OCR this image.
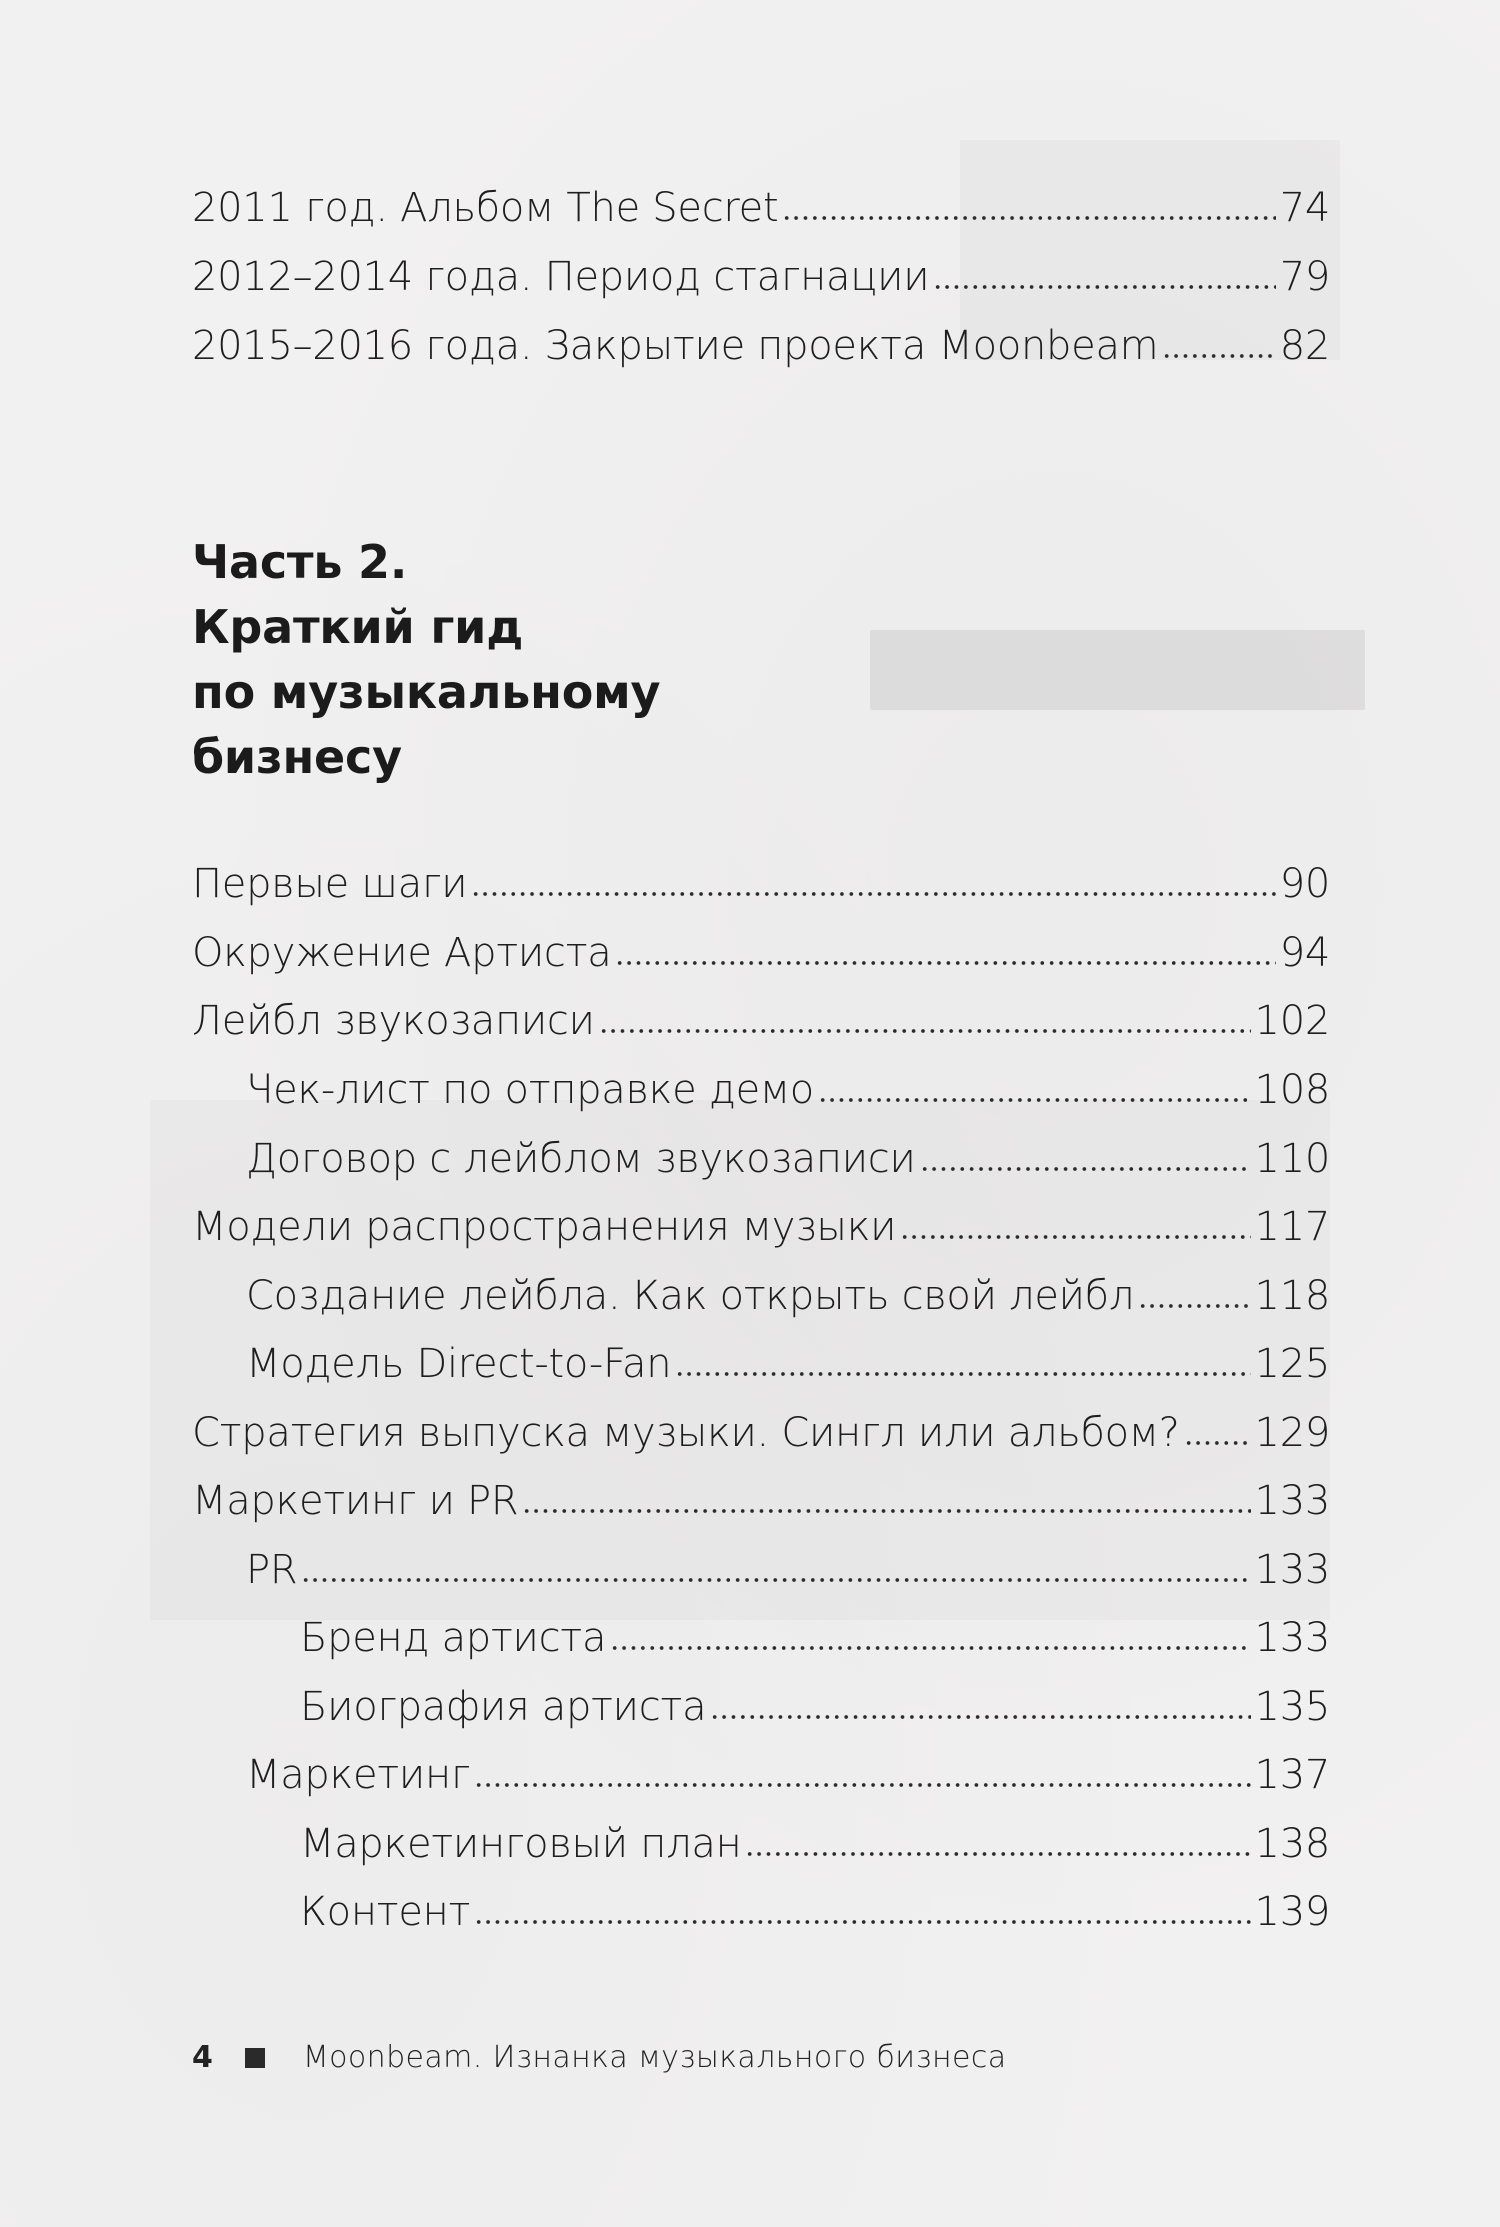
2011 год. Альбом The Secret	74
2012–2014 года. Период стагнации	79
2015–2016 года. Закрытие проекта Moonbeam	82
Часть 2.
Краткий гид
по музыкальному
бизнесу
Первые шаги	90
Окружение Артиста	94
Лейбл звукозаписи	102
Чек-лист по отправке демо	108
Договор с лейблом звукозаписи	110
Модели распространения музыки	117
Создание лейбла. Как открыть свой лейбл	118
Модель Direct-to-Fan	125
Стратегия выпуска музыки. Сингл или альбом? 129
Маркетинг и PR	133
PR	133
Бренд артиста	133
Биография артиста	135
Маркетинг	137
Маркетинговый план	138
Контент	139
4	Moonbeam. Изнанка музыкального бизнеса
